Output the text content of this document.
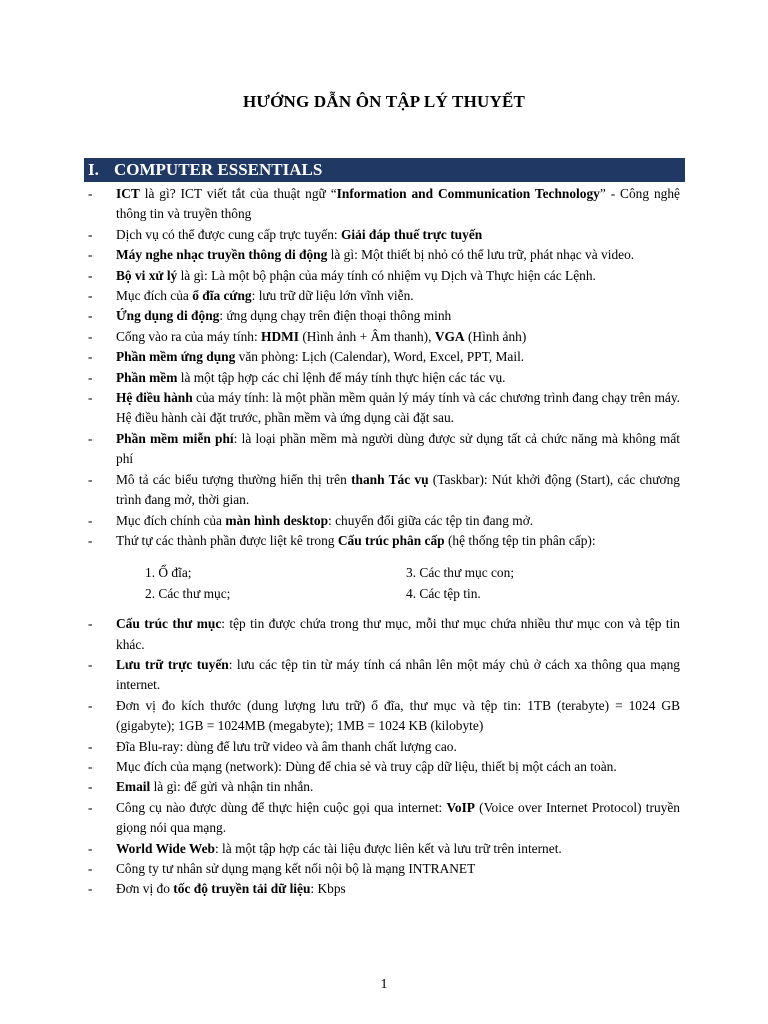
HƯỚNG DẪN ÔN TẬP LÝ THUYẾT
I. COMPUTER ESSENTIALS
-	ICT là gì? ICT viết tắt của thuật ngữ “Information and Communication Technology” - Công nghệ thông tin và truyền thông
-	Dịch vụ có thể được cung cấp trực tuyến: Giải đáp thuế trực tuyến
-	Máy nghe nhạc truyền thông di động là gì: Một thiết bị nhỏ có thể lưu trữ, phát nhạc và video.
-	Bộ vi xử lý là gì: Là một bộ phận của máy tính có nhiệm vụ Dịch và Thực hiện các Lệnh.
-	Mục đích của ổ đĩa cứng: lưu trữ dữ liệu lớn vĩnh viễn.
-	Ứng dụng di động: ứng dụng chạy trên điện thoại thông minh
-	Cổng vào ra của máy tính: HDMI (Hình ảnh + Âm thanh), VGA (Hình ảnh)
-	Phần mềm ứng dụng văn phòng: Lịch (Calendar), Word, Excel, PPT, Mail.
-	Phần mềm là một tập hợp các chỉ lệnh để máy tính thực hiện các tác vụ.
-	Hệ điều hành của máy tính: là một phần mềm quản lý máy tính và các chương trình đang chạy trên máy. Hệ điều hành cài đặt trước, phần mềm và ứng dụng cài đặt sau.
-	Phần mềm miễn phí: là loại phần mềm mà người dùng được sử dụng tất cả chức năng mà không mất phí
-	Mô tả các biểu tượng thường hiển thị trên thanh Tác vụ (Taskbar): Nút khởi động (Start), các chương trình đang mở, thời gian.
-	Mục đích chính của màn hình desktop: chuyển đổi giữa các tệp tin đang mở.
-	Thứ tự các thành phần được liệt kê trong Cấu trúc phân cấp (hệ thống tệp tin phân cấp):
1. Ổ đĩa;	3. Các thư mục con;
2. Các thư mục;	4. Các tệp tin.
-	Cấu trúc thư mục: tệp tin được chứa trong thư mục, mỗi thư mục chứa nhiều thư mục con và tệp tin khác.
-	Lưu trữ trực tuyến: lưu các tệp tin từ máy tính cá nhân lên một máy chủ ở cách xa thông qua mạng internet.
-	Đơn vị đo kích thước (dung lượng lưu trữ) ổ đĩa, thư mục và tệp tin: 1TB (terabyte) = 1024 GB (gigabyte); 1GB = 1024MB (megabyte); 1MB = 1024 KB (kilobyte)
-	Đĩa Blu-ray: dùng để lưu trữ video và âm thanh chất lượng cao.
-	Mục đích của mạng (network): Dùng để chia sẻ và truy cập dữ liệu, thiết bị một cách an toàn.
-	Email là gì: để gửi và nhận tin nhắn.
-	Công cụ nào được dùng để thực hiện cuộc gọi qua internet: VoIP (Voice over Internet Protocol) truyền giọng nói qua mạng.
-	World Wide Web: là một tập hợp các tài liệu được liên kết và lưu trữ trên internet.
-	Công ty tư nhân sử dụng mạng kết nối nội bộ là mạng INTRANET
-	Đơn vị đo tốc độ truyền tải dữ liệu: Kbps
1
